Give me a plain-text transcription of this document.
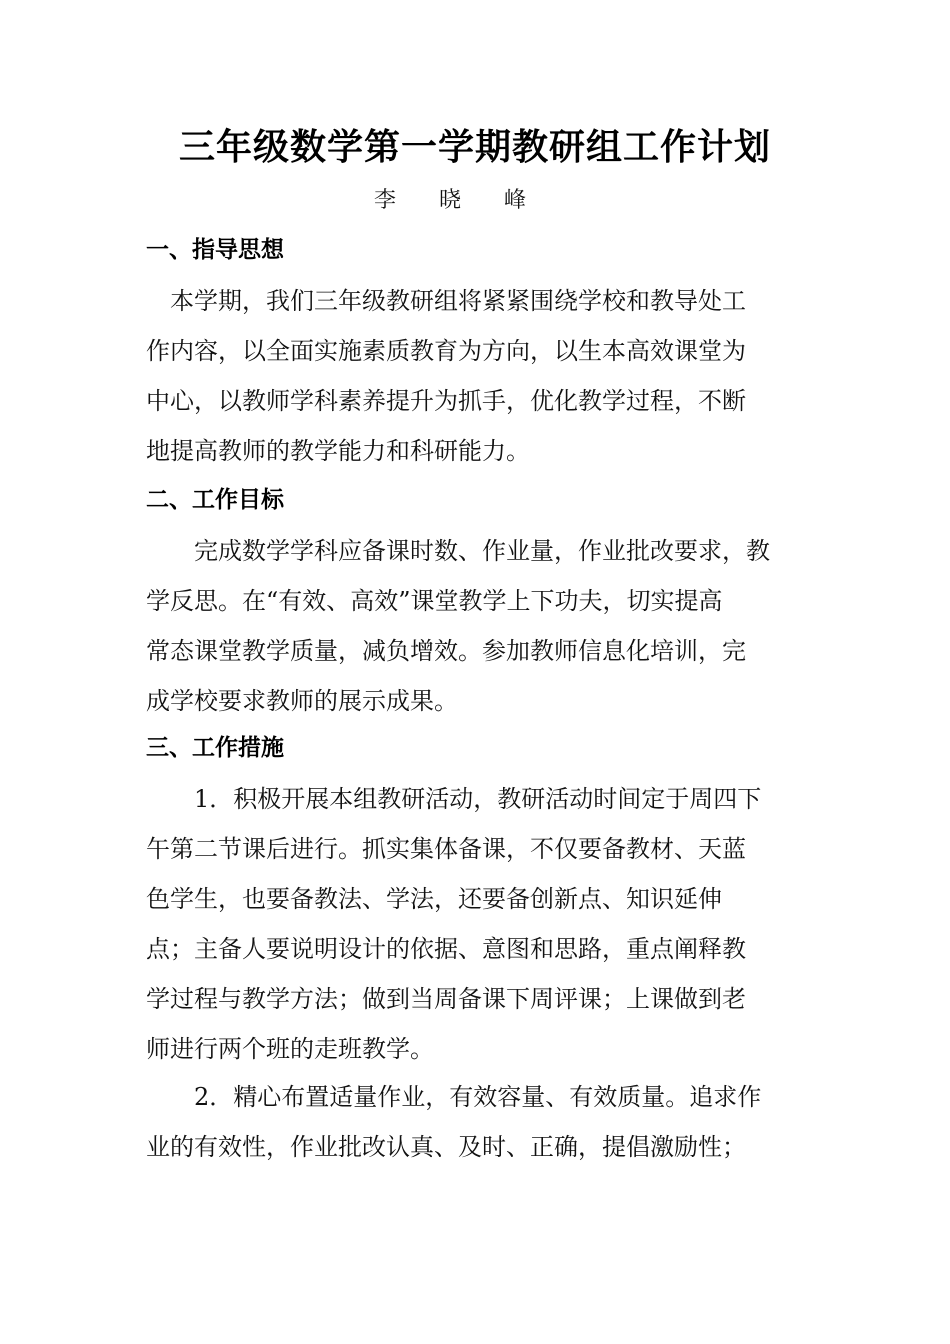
三年级数学第一学期教研组工作计划
李 晓 峰
一、指导思想
　本学期，我们三年级教研组将紧紧围绕学校和教导处工
作内容，以全面实施素质教育为方向，以生本高效课堂为
中心，以教师学科素养提升为抓手，优化教学过程，不断
地提高教师的教学能力和科研能力。
二、工作目标
　　完成数学学科应备课时数、作业量，作业批改要求，教
学反思。在“有效、高效”课堂教学上下功夫，切实提高
常态课堂教学质量，减负增效。参加教师信息化培训，完
成学校要求教师的展示成果。
三、工作措施
　　1．积极开展本组教研活动，教研活动时间定于周四下
午第二节课后进行。抓实集体备课，不仅要备教材、天蓝
色学生，也要备教法、学法，还要备创新点、知识延伸
点；主备人要说明设计的依据、意图和思路，重点阐释教
学过程与教学方法；做到当周备课下周评课；上课做到老
师进行两个班的走班教学。
　　2．精心布置适量作业，有效容量、有效质量。追求作
业的有效性，作业批改认真、及时、正确，提倡激励性；
